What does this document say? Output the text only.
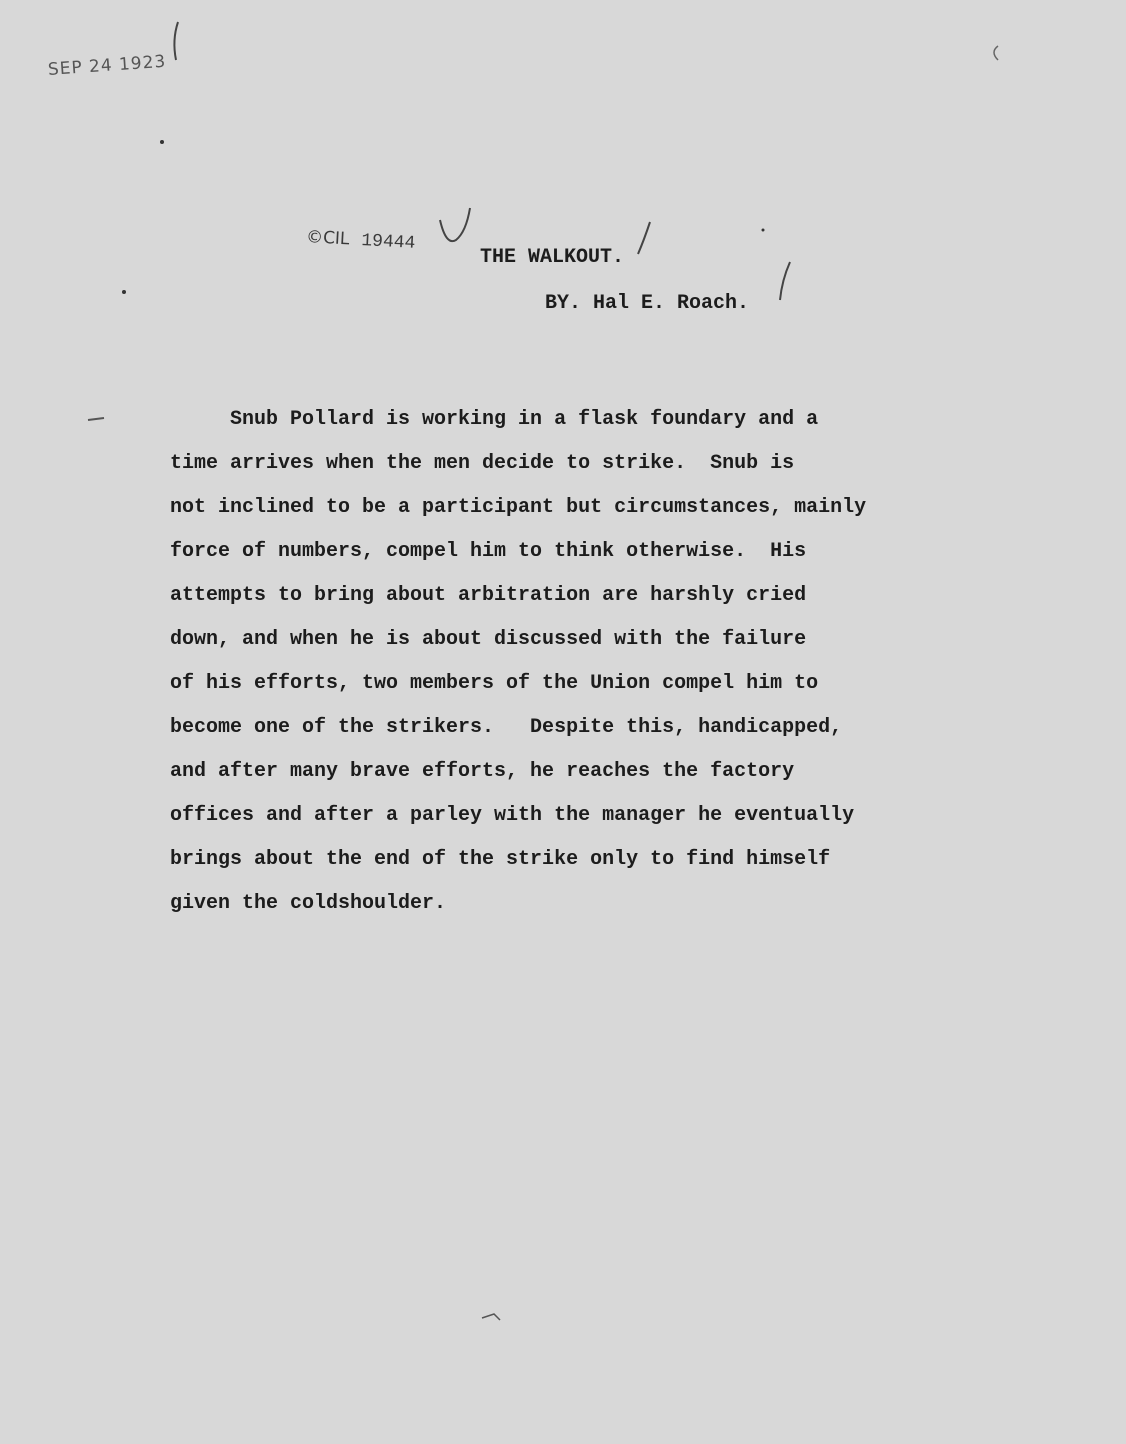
SEP 24 1923
©CIL 19444
THE WALKOUT.
BY. Hal E. Roach.
Snub Pollard is working in a flask foundary and a
time arrives when the men decide to strike.  Snub is
not inclined to be a participant but circumstances, mainly
force of numbers, compel him to think otherwise.  His
attempts to bring about arbitration are harshly cried
down, and when he is about discussed with the failure
of his efforts, two members of the Union compel him to
become one of the strikers.   Despite this, handicapped,
and after many brave efforts, he reaches the factory
offices and after a parley with the manager he eventually
brings about the end of the strike only to find himself
given the coldshoulder.
